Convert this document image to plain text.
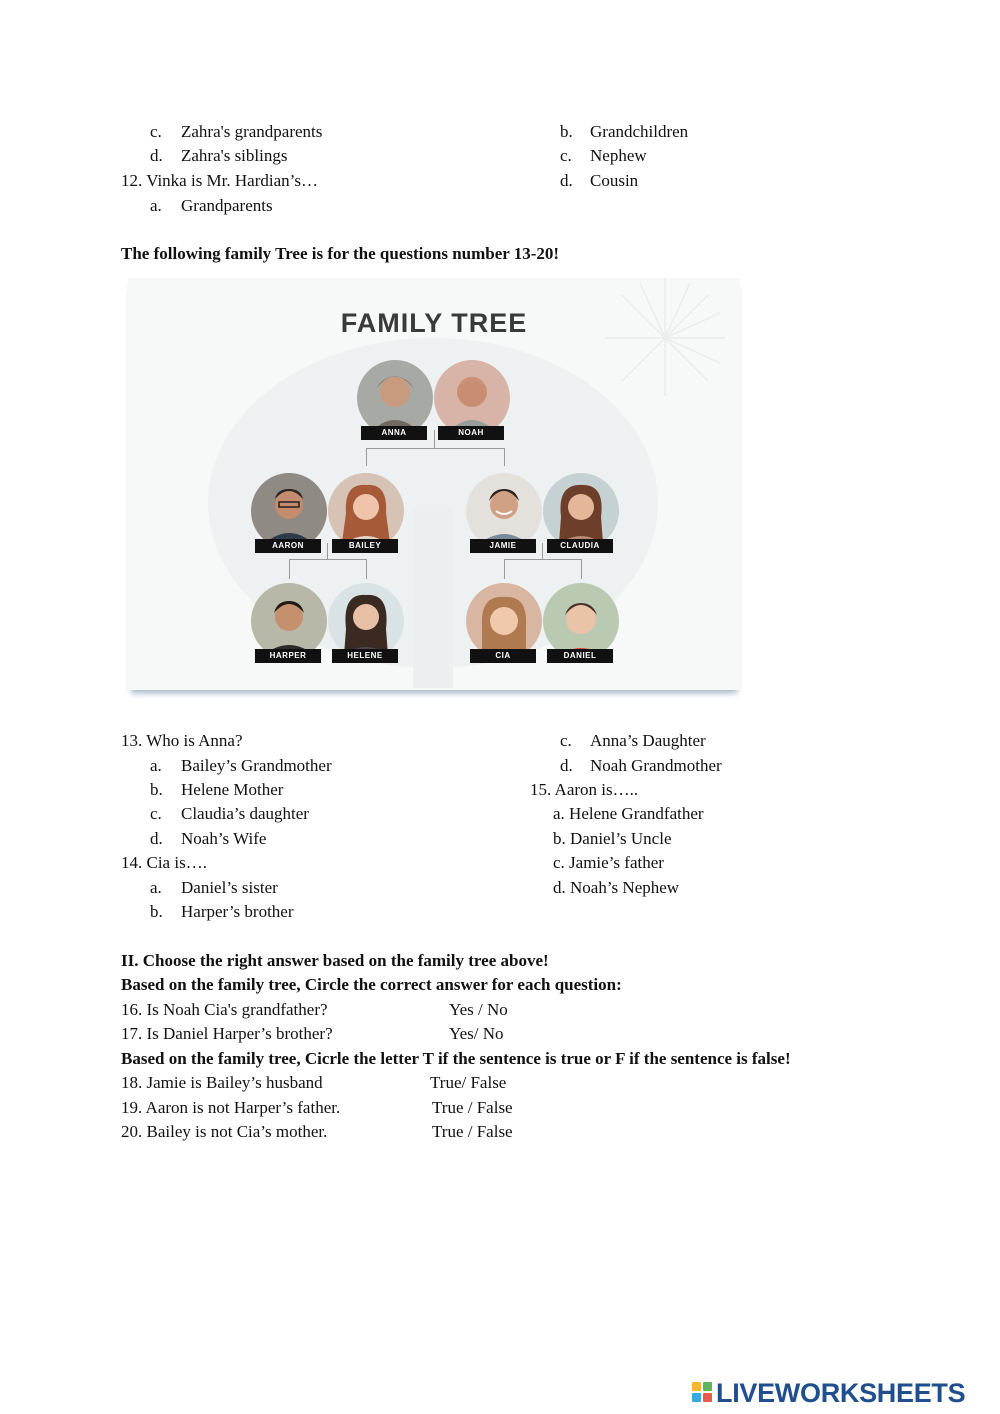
c. Zahra's grandparents
d. Zahra's siblings
12. Vinka is Mr. Hardian’s…
a. Grandparents
b. Grandchildren
c. Nephew
d. Cousin
The following family Tree is for the questions number 13-20!
FAMILY TREE
ANNA	NOAH
AARON	BAILEY	JAMIE	CLAUDIA
HARPER	HELENE	CIA	DANIEL
13. Who is Anna?
a. Bailey’s Grandmother
b. Helene Mother
c. Claudia’s daughter
d. Noah’s Wife
c. Anna’s Daughter
d. Noah Grandmother
14. Cia is….
a. Daniel’s sister
b. Harper’s brother
15. Aaron is…..
a. Helene Grandfather
b. Daniel’s Uncle
c. Jamie’s father
d. Noah’s Nephew
II. Choose the right answer based on the family tree above!
Based on the family tree, Circle the correct answer for each question:
16. Is Noah Cia's grandfather?	Yes / No
17. Is Daniel Harper’s brother?	Yes/ No
Based on the family tree, Cicrle the letter T if the sentence is true or F if the sentence is false!
18. Jamie is Bailey’s husband	True/ False
19. Aaron is not Harper’s father.	True / False
20. Bailey is not Cia’s mother.	True / False
LIVEWORKSHEETS
